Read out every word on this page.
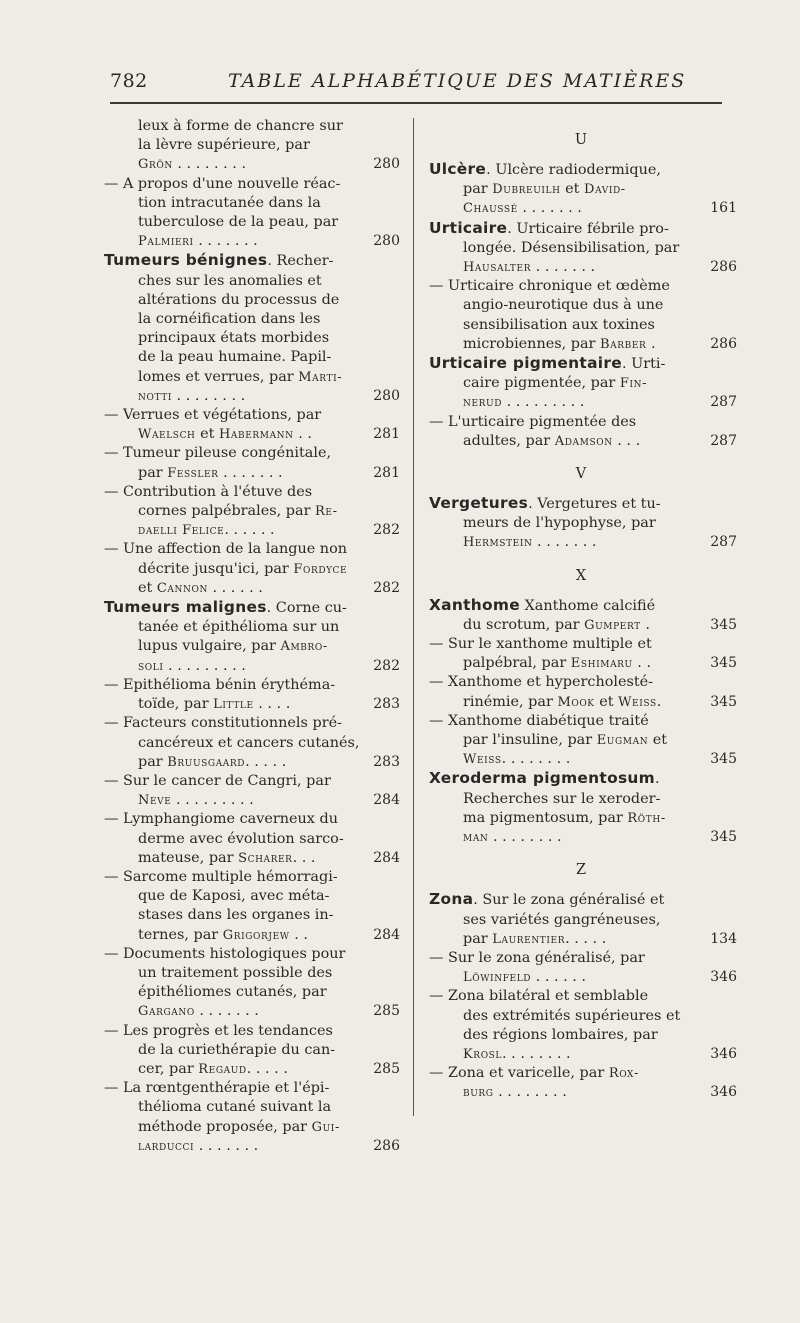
782	TABLE ALPHABÉTIQUE DES MATIÈRES
leux à forme de chancre sur
la lèvre supérieure, par
Grön . . . . . . . .	280
— A propos d'une nouvelle réac-
tion intracutanée dans la
tuberculose de la peau, par
Palmieri . . . . . . .	280
Tumeurs bénignes. Recher-
ches sur les anomalies et
altérations du processus de
la cornéification dans les
principaux états morbides
de la peau humaine. Papil-
lomes et verrues, par Marti-
notti . . . . . . . .	280
— Verrues et végétations, par
Waelsch et Habermann . .	281
— Tumeur pileuse congénitale,
par Fessler . . . . . . .	281
— Contribution à l'étuve des
cornes palpébrales, par Re-
daelli Felice. . . . . .	282
— Une affection de la langue non
décrite jusqu'ici, par Fordyce
et Cannon . . . . . .	282
Tumeurs malignes. Corne cu-
tanée et épithélioma sur un
lupus vulgaire, par Ambro-
soli . . . . . . . . .	282
— Epithélioma bénin érythéma-
toïde, par Little . . . .	283
— Facteurs constitutionnels pré-
cancéreux et cancers cutanés,
par Bruusgaard. . . . .	283
— Sur le cancer de Cangri, par
Neve . . . . . . . . .	284
— Lymphangiome caverneux du
derme avec évolution sarco-
mateuse, par Scharer. . .	284
— Sarcome multiple hémorragi-
que de Kaposi, avec méta-
stases dans les organes in-
ternes, par Grigorjew . .	284
— Documents histologiques pour
un traitement possible des
épithéliomes cutanés, par
Gargano . . . . . . .	285
— Les progrès et les tendances
de la curiethérapie du can-
cer, par Regaud. . . . .	285
— La rœntgenthérapie et l'épi-
thélioma cutané suivant la
méthode proposée, par Gui-
larducci . . . . . . .	286
U
Ulcère. Ulcère radiodermique,
par Dubreuilh et David-
Chaussé . . . . . . .	161
Urticaire. Urticaire fébrile pro-
longée. Désensibilisation, par
Hausalter . . . . . . .	286
— Urticaire chronique et œdème
angio-neurotique dus à une
sensibilisation aux toxines
microbiennes, par Barber .	286
Urticaire pigmentaire. Urti-
caire pigmentée, par Fin-
nerud . . . . . . . . .	287
— L'urticaire pigmentée des
adultes, par Adamson . . .	287
V
Vergetures. Vergetures et tu-
meurs de l'hypophyse, par
Hermstein . . . . . . .	287
X
Xanthome Xanthome calcifié
du scrotum, par Gumpert .	345
— Sur le xanthome multiple et
palpébral, par Eshimaru . .	345
— Xanthome et hypercholesté-
rinémie, par Mook et Weiss.	345
— Xanthome diabétique traité
par l'insuline, par Eugman et
Weiss. . . . . . . .	345
Xeroderma pigmentosum.
Recherches sur le xeroder-
ma pigmentosum, par Röth-
man . . . . . . . .	345
Z
Zona. Sur le zona généralisé et
ses variétés gangréneuses,
par Laurentier. . . . .	134
— Sur le zona généralisé, par
Löwinfeld . . . . . .	346
— Zona bilatéral et semblable
des extrémités supérieures et
des régions lombaires, par
Krosl. . . . . . . .	346
— Zona et varicelle, par Rox-
burg . . . . . . . .	346
